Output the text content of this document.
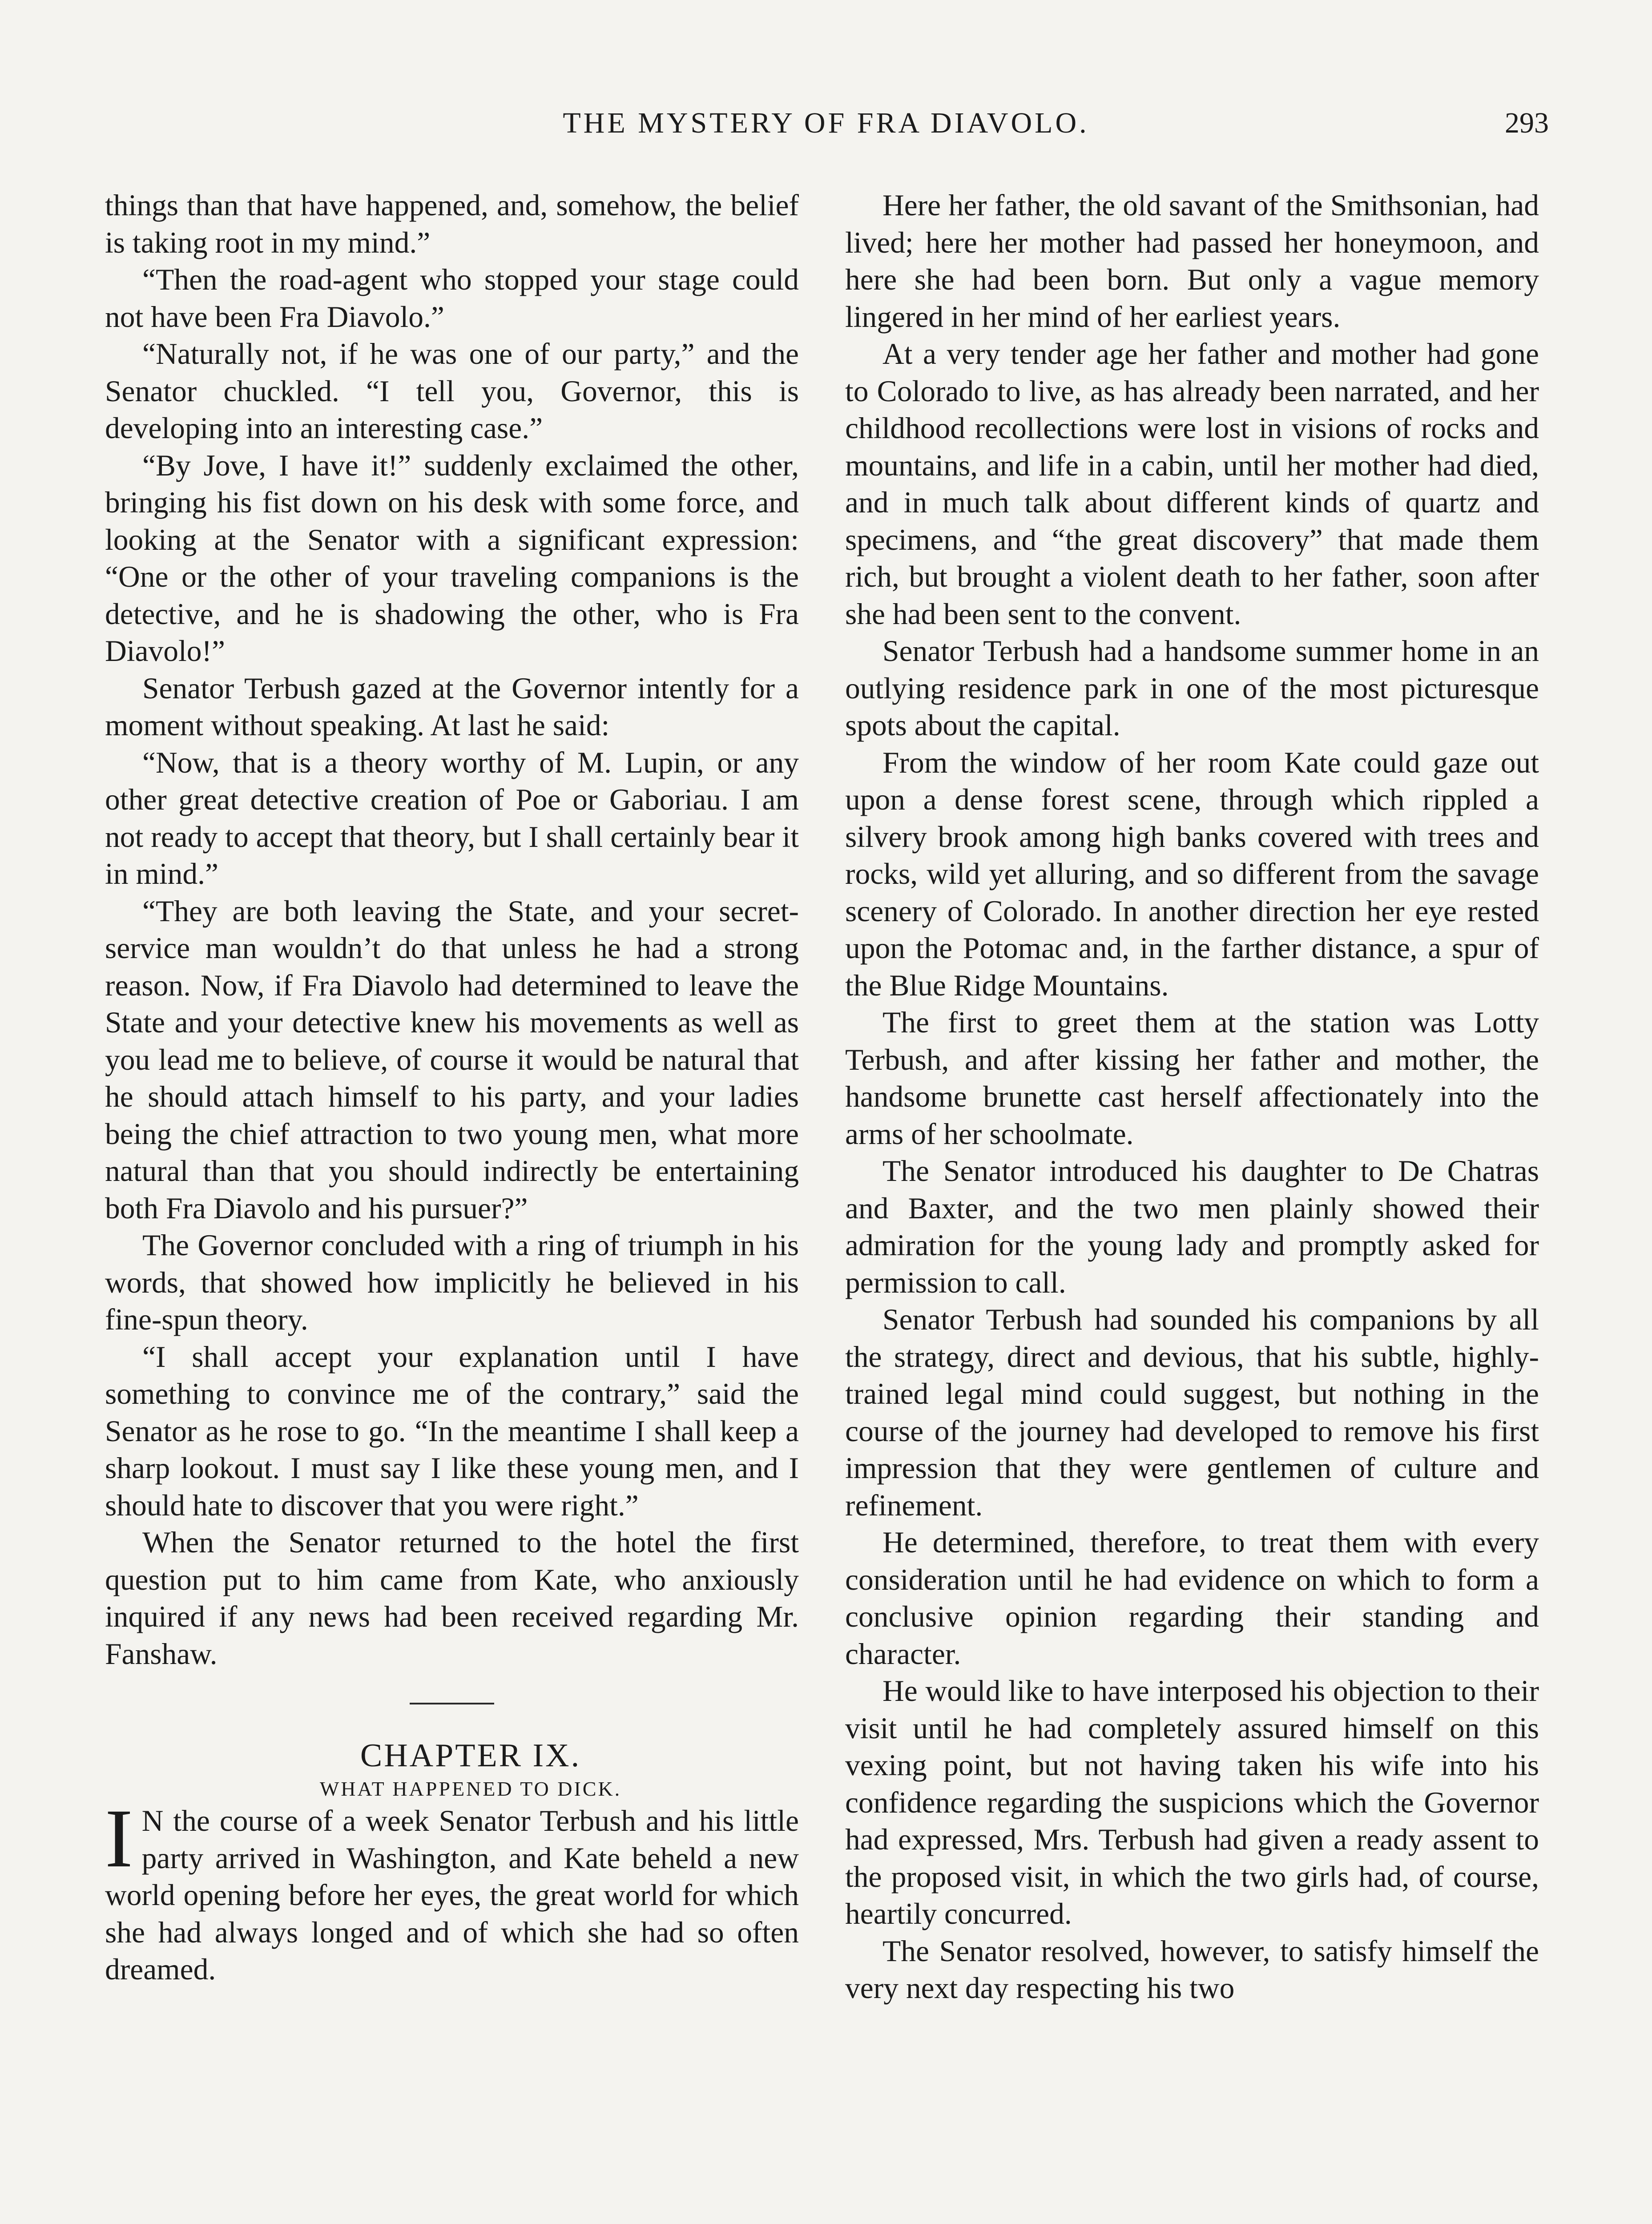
THE MYSTERY OF FRA DIAVOLO.	293

things than that have happened, and, somehow, the belief is taking root in my mind.”

“Then the road-agent who stopped your stage could not have been Fra Diavolo.”

“Naturally not, if he was one of our party,” and the Senator chuckled. “I tell you, Governor, this is developing into an interesting case.”

“By Jove, I have it!” suddenly exclaimed the other, bringing his fist down on his desk with some force, and looking at the Senator with a significant expression: “One or the other of your traveling companions is the detective, and he is shadowing the other, who is Fra Diavolo!”

Senator Terbush gazed at the Governor intently for a moment without speaking. At last he said:

“Now, that is a theory worthy of M. Lupin, or any other great detective creation of Poe or Gaboriau. I am not ready to accept that theory, but I shall certainly bear it in mind.”

“They are both leaving the State, and your secret-service man wouldn’t do that unless he had a strong reason. Now, if Fra Diavolo had determined to leave the State and your detective knew his movements as well as you lead me to believe, of course it would be natural that he should attach himself to his party, and your ladies being the chief attraction to two young men, what more natural than that you should indirectly be entertaining both Fra Diavolo and his pursuer?”

The Governor concluded with a ring of triumph in his words, that showed how implicitly he believed in his fine-spun theory.

“I shall accept your explanation until I have something to convince me of the contrary,” said the Senator as he rose to go. “In the meantime I shall keep a sharp lookout. I must say I like these young men, and I should hate to discover that you were right.”

When the Senator returned to the hotel the first question put to him came from Kate, who anxiously inquired if any news had been received regarding Mr. Fanshaw.

CHAPTER IX.

WHAT HAPPENED TO DICK.

I N the course of a week Senator Terbush and his little party arrived in Washington, and Kate beheld a new world opening before her eyes, the great world for which she had always longed and of which she had so often dreamed.

Here her father, the old savant of the Smithsonian, had lived; here her mother had passed her honeymoon, and here she had been born. But only a vague memory lingered in her mind of her earliest years.

At a very tender age her father and mother had gone to Colorado to live, as has already been narrated, and her childhood recollections were lost in visions of rocks and mountains, and life in a cabin, until her mother had died, and in much talk about different kinds of quartz and specimens, and “the great discovery” that made them rich, but brought a violent death to her father, soon after she had been sent to the convent.

Senator Terbush had a handsome summer home in an outlying residence park in one of the most picturesque spots about the capital.

From the window of her room Kate could gaze out upon a dense forest scene, through which rippled a silvery brook among high banks covered with trees and rocks, wild yet alluring, and so different from the savage scenery of Colorado. In another direction her eye rested upon the Potomac and, in the farther distance, a spur of the Blue Ridge Mountains.

The first to greet them at the station was Lotty Terbush, and after kissing her father and mother, the handsome brunette cast herself affectionately into the arms of her schoolmate.

The Senator introduced his daughter to De Chatras and Baxter, and the two men plainly showed their admiration for the young lady and promptly asked for permission to call.

Senator Terbush had sounded his companions by all the strategy, direct and devious, that his subtle, highly-trained legal mind could suggest, but nothing in the course of the journey had developed to remove his first impression that they were gentlemen of culture and refinement.

He determined, therefore, to treat them with every consideration until he had evidence on which to form a conclusive opinion regarding their standing and character.

He would like to have interposed his objection to their visit until he had completely assured himself on this vexing point, but not having taken his wife into his confidence regarding the suspicions which the Governor had expressed, Mrs. Terbush had given a ready assent to the proposed visit, in which the two girls had, of course, heartily concurred.

The Senator resolved, however, to satisfy himself the very next day respecting his two
